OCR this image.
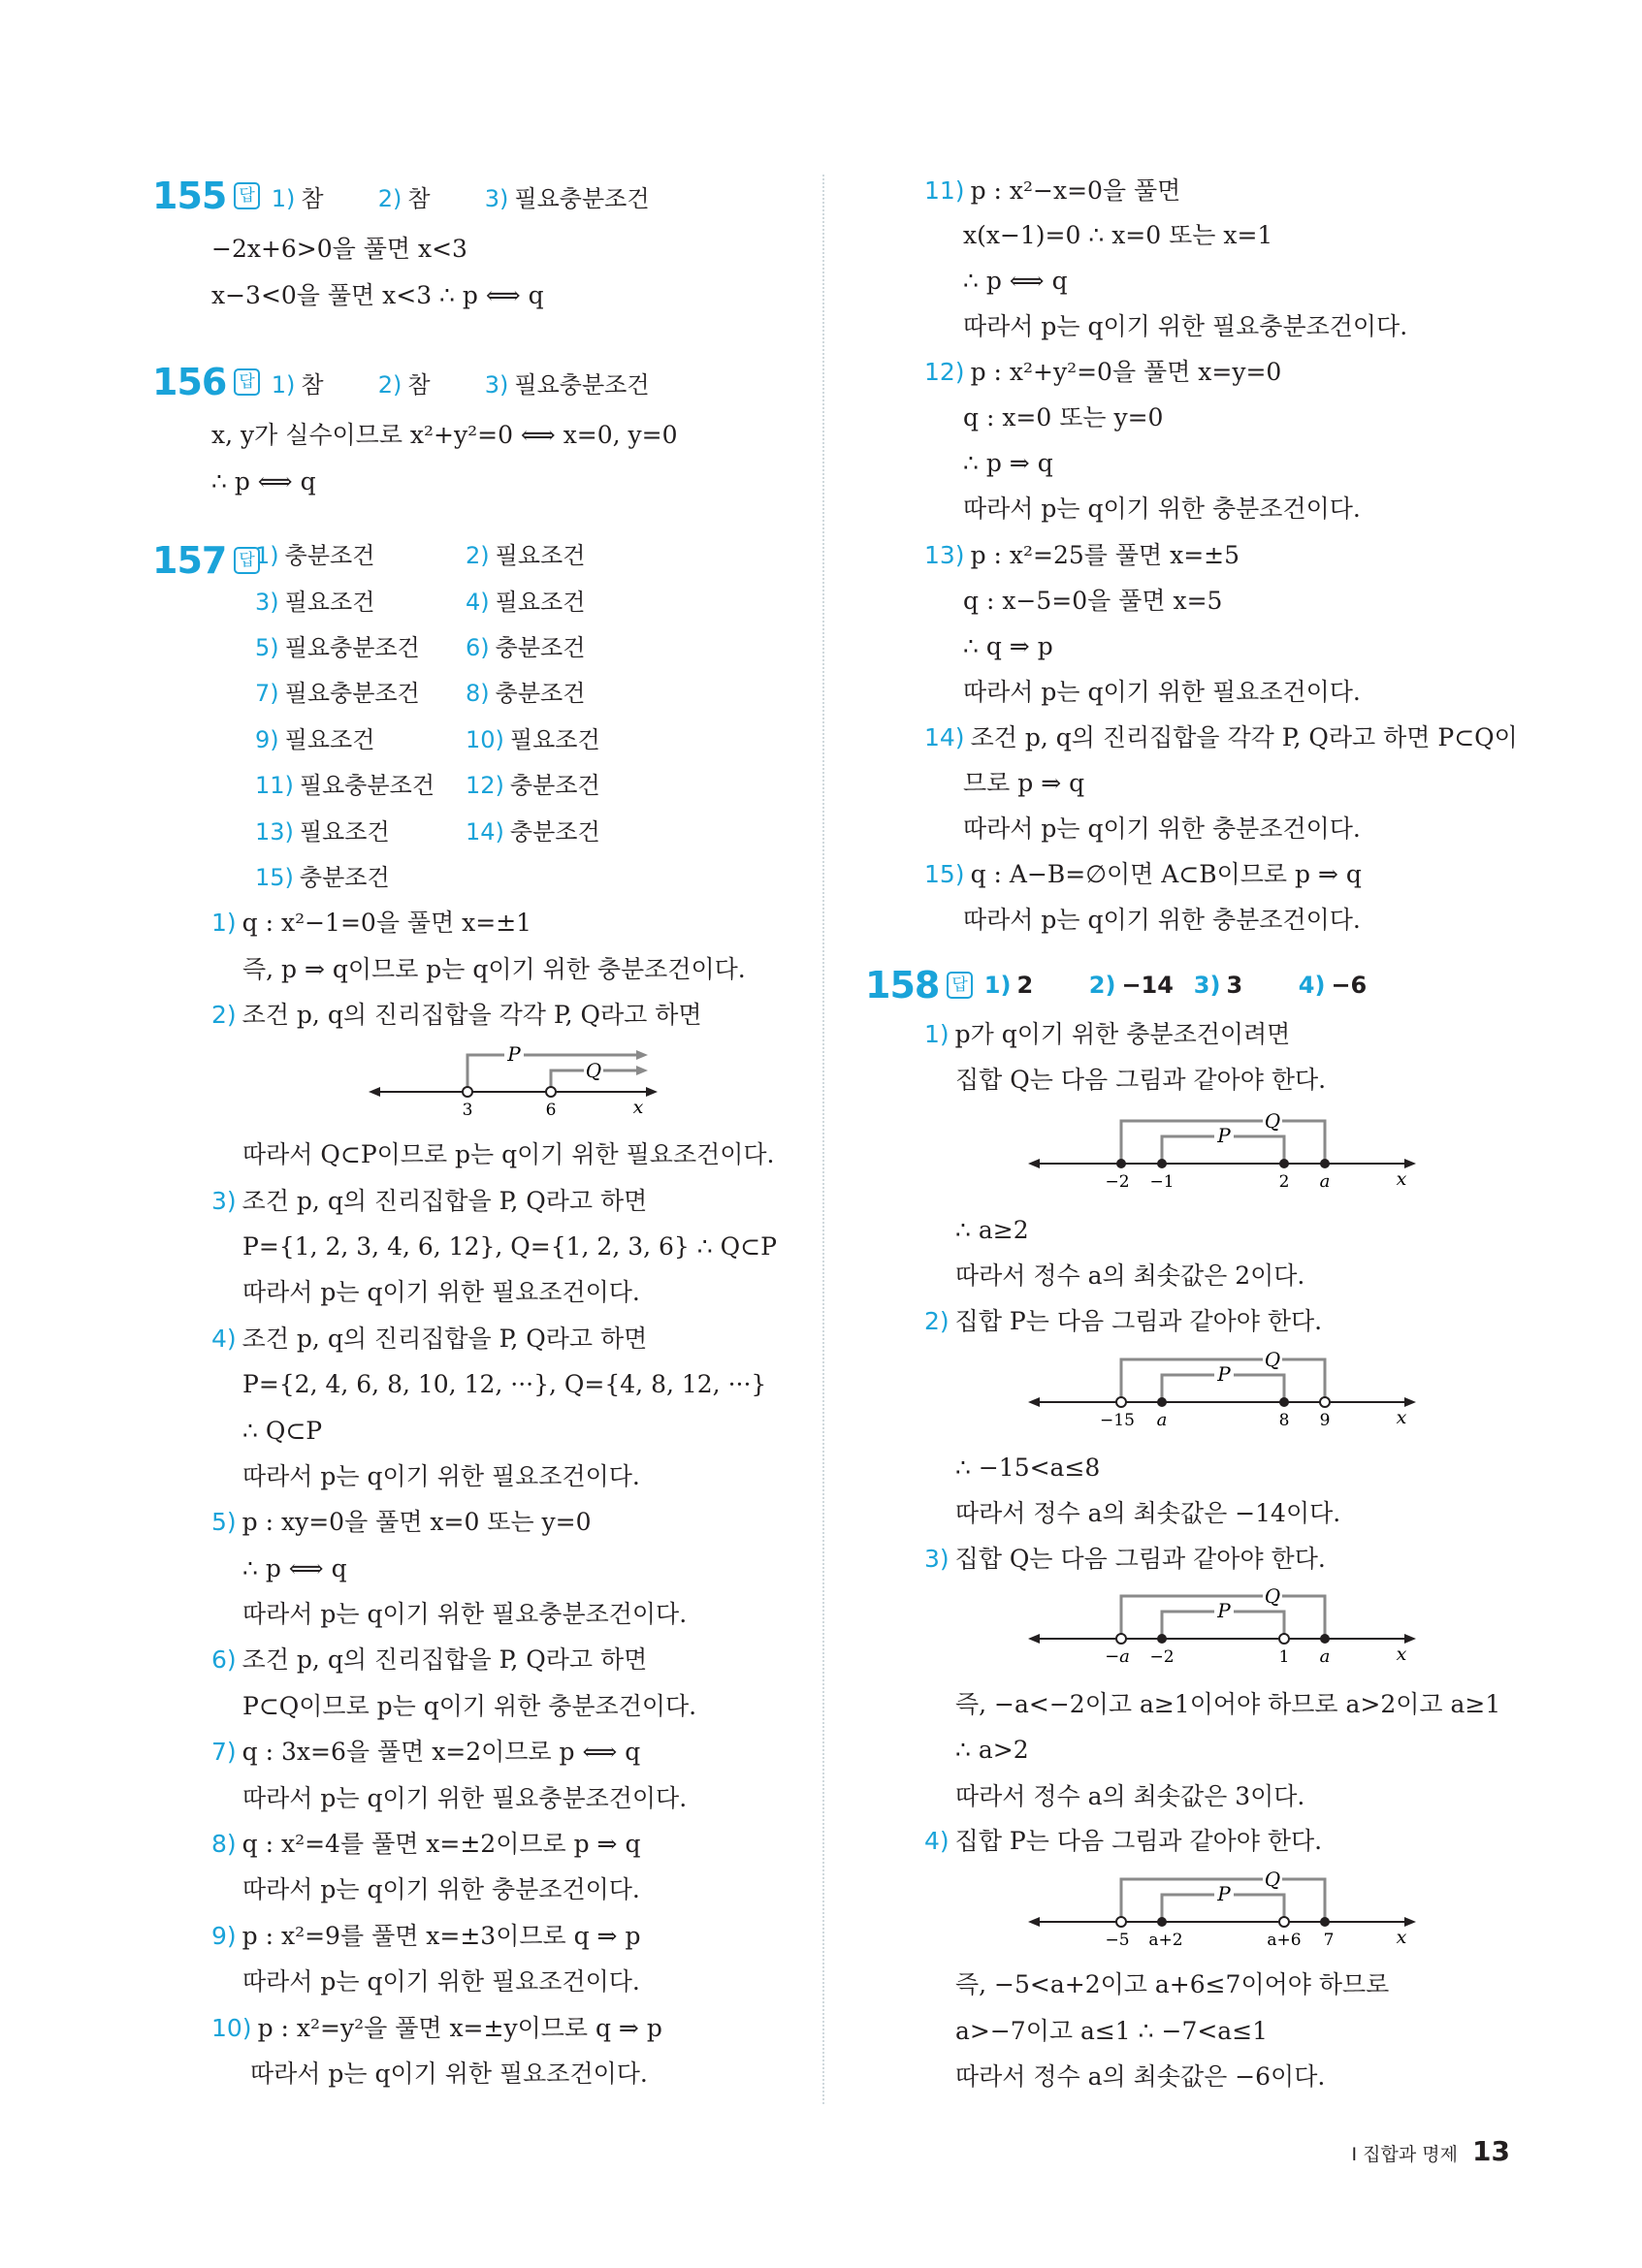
155 답 1) 참	2) 참	3) 필요충분조건
−2x+6>0을 풀면 x<3
x−3<0을 풀면 x<3 ∴ p ⟺ q
156 답 1) 참	2) 참	3) 필요충분조건
x, y가 실수이므로 x²+y²=0 ⟺ x=0, y=0
∴ p ⟺ q
157 답 1) 충분조건	2) 필요조건
3) 필요조건	4) 필요조건
5) 필요충분조건 6) 충분조건
7) 필요충분조건 8) 충분조건
9) 필요조건	10) 필요조건
11) 필요충분조건 12) 충분조건
13) 필요조건	14) 충분조건
15) 충분조건
1) q : x²−1=0을 풀면 x=±1
즉, p ⇒ q이므로 p는 q이기 위한 충분조건이다.
2) 조건 p, q의 진리집합을 각각 P, Q라고 하면
P
Q
3	6	x
따라서 Q⊂P이므로 p는 q이기 위한 필요조건이다.
3) 조건 p, q의 진리집합을 P, Q라고 하면
P={1, 2, 3, 4, 6, 12}, Q={1, 2, 3, 6} ∴ Q⊂P
따라서 p는 q이기 위한 필요조건이다.
4) 조건 p, q의 진리집합을 P, Q라고 하면
P={2, 4, 6, 8, 10, 12, ···}, Q={4, 8, 12, ···}
∴ Q⊂P
따라서 p는 q이기 위한 필요조건이다.
5) p : xy=0을 풀면 x=0 또는 y=0
∴ p ⟺ q
따라서 p는 q이기 위한 필요충분조건이다.
6) 조건 p, q의 진리집합을 P, Q라고 하면
P⊂Q이므로 p는 q이기 위한 충분조건이다.
7) q : 3x=6을 풀면 x=2이므로 p ⟺ q
따라서 p는 q이기 위한 필요충분조건이다.
8) q : x²=4를 풀면 x=±2이므로 p ⇒ q
따라서 p는 q이기 위한 충분조건이다.
9) p : x²=9를 풀면 x=±3이므로 q ⇒ p
따라서 p는 q이기 위한 필요조건이다.
10) p : x²=y²을 풀면 x=±y이므로 q ⇒ p
따라서 p는 q이기 위한 필요조건이다.
11) p : x²−x=0을 풀면
x(x−1)=0 ∴ x=0 또는 x=1
∴ p ⟺ q
따라서 p는 q이기 위한 필요충분조건이다.
12) p : x²+y²=0을 풀면 x=y=0
q : x=0 또는 y=0
∴ p ⇒ q
따라서 p는 q이기 위한 충분조건이다.
13) p : x²=25를 풀면 x=±5
q : x−5=0을 풀면 x=5
∴ q ⇒ p
따라서 p는 q이기 위한 필요조건이다.
14) 조건 p, q의 진리집합을 각각 P, Q라고 하면 P⊂Q이
므로 p ⇒ q
따라서 p는 q이기 위한 충분조건이다.
15) q : A−B=∅이면 A⊂B이므로 p ⇒ q
따라서 p는 q이기 위한 충분조건이다.
158 답 1) 2	2) −14 3) 3	4) −6
1) p가 q이기 위한 충분조건이려면
집합 Q는 다음 그림과 같아야 한다.
P
Q
−2 −1	2 a	x
∴ a≥2
따라서 정수 a의 최솟값은 2이다.
2) 집합 P는 다음 그림과 같아야 한다.
P
Q
−15 a	8 9	x
∴ −15<a≤8
따라서 정수 a의 최솟값은 −14이다.
3) 집합 Q는 다음 그림과 같아야 한다.
P
Q
−a −2	1 a	x
즉, −a<−2이고 a≥1이어야 하므로 a>2이고 a≥1
∴ a>2
따라서 정수 a의 최솟값은 3이다.
4) 집합 P는 다음 그림과 같아야 한다.
P
Q
−5 a+2	a+6 7	x
즉, −5<a+2이고 a+6≤7이어야 하므로
a>−7이고 a≤1 ∴ −7<a≤1
따라서 정수 a의 최솟값은 −6이다.
Ⅰ 집합과 명제 13
